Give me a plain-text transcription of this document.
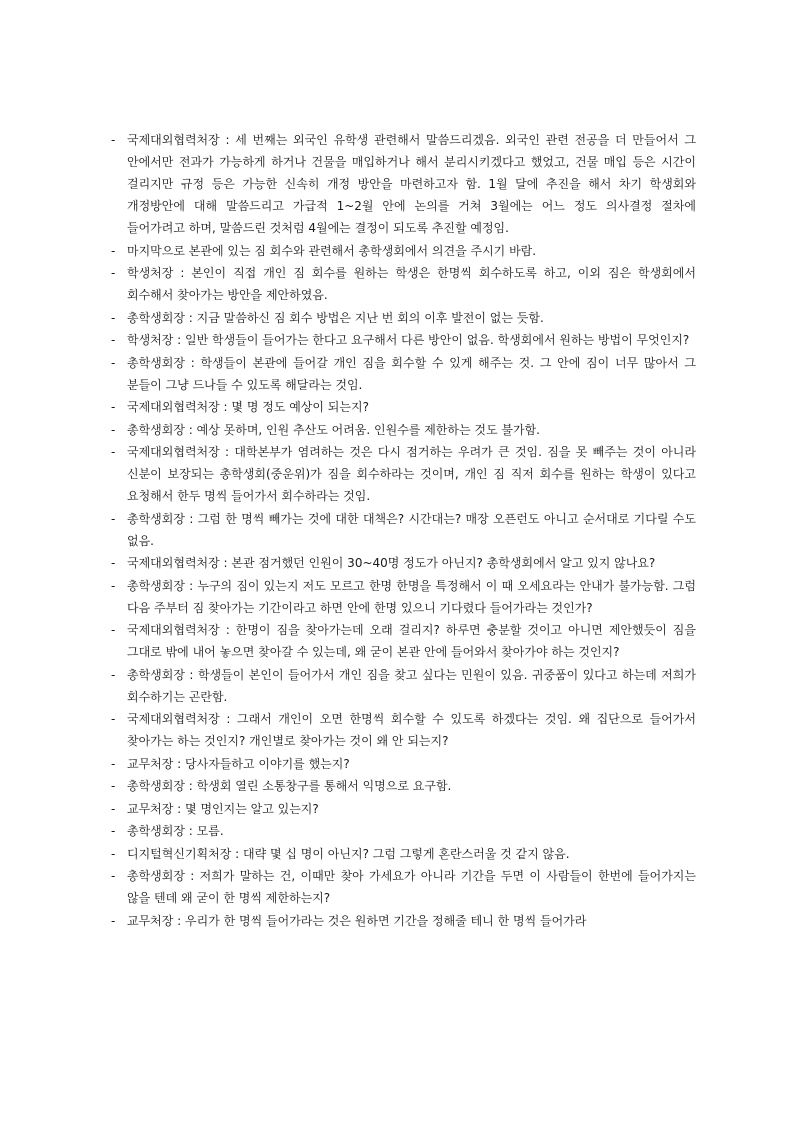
- 국제대외협력처장 : 세 번째는 외국인 유학생 관련해서 말씀드리겠음. 외국인 관련 전공을 더 만들어서 그 안에서만 전과가 가능하게 하거나 건물을 매입하거나 해서 분리시키겠다고 했었고, 건물 매입 등은 시간이 걸리지만 규정 등은 가능한 신속히 개정 방안을 마련하고자 함. 1월 달에 추진을 해서 차기 학생회와 개정방안에 대해 말씀드리고 가급적 1~2월 안에 논의를 거쳐 3월에는 어느 정도 의사결정 절차에 들어가려고 하며, 말씀드린 것처럼 4월에는 결정이 되도록 추진할 예정임.
- 마지막으로 본관에 있는 짐 회수와 관련해서 총학생회에서 의견을 주시기 바람.
- 학생처장 : 본인이 직접 개인 짐 회수를 원하는 학생은 한명씩 회수하도록 하고, 이외 짐은 학생회에서 회수해서 찾아가는 방안을 제안하였음.
- 총학생회장 : 지금 말씀하신 짐 회수 방법은 지난 번 회의 이후 발전이 없는 듯함.
- 학생처장 : 일반 학생들이 들어가는 한다고 요구해서 다른 방안이 없음. 학생회에서 원하는 방법이 무엇인지?
- 총학생회장 : 학생들이 본관에 들어갈 개인 짐을 회수할 수 있게 해주는 것. 그 안에 짐이 너무 많아서 그 분들이 그냥 드나들 수 있도록 해달라는 것임.
- 국제대외협력처장 : 몇 명 정도 예상이 되는지?
- 총학생회장 : 예상 못하며, 인원 추산도 어려움. 인원수를 제한하는 것도 불가함.
- 국제대외협력처장 : 대학본부가 염려하는 것은 다시 점거하는 우려가 큰 것임. 짐을 못 빼주는 것이 아니라 신분이 보장되는 총학생회(중운위)가 짐을 회수하라는 것이며, 개인 짐 직저 회수를 원하는 학생이 있다고 요청해서 한두 명씩 들어가서 회수하라는 것임.
- 총학생회장 : 그럼 한 명씩 빼가는 것에 대한 대책은? 시간대는? 매장 오픈런도 아니고 순서대로 기다릴 수도 없음.
- 국제대외협력처장 : 본관 점거했던 인원이 30~40명 정도가 아닌지? 총학생회에서 알고 있지 않나요?
- 총학생회장 : 누구의 짐이 있는지 저도 모르고 한명 한명을 특정해서 이 때 오세요라는 안내가 불가능함. 그럼 다음 주부터 짐 찾아가는 기간이라고 하면 안에 한명 있으니 기다렸다 들어가라는 것인가?
- 국제대외협력처장 : 한명이 짐을 찾아가는데 오래 걸리지? 하루면 충분할 것이고 아니면 제안했듯이 짐을 그대로 밖에 내어 놓으면 찾아갈 수 있는데, 왜 굳이 본관 안에 들어와서 찾아가야 하는 것인지?
- 총학생회장 : 학생들이 본인이 들어가서 개인 짐을 찾고 싶다는 민원이 있음. 귀중품이 있다고 하는데 저희가 회수하기는 곤란함.
- 국제대외협력처장 : 그래서 개인이 오면 한명씩 회수할 수 있도록 하겠다는 것임. 왜 집단으로 들어가서 찾아가는 하는 것인지? 개인별로 찾아가는 것이 왜 안 되는지?
- 교무처장 : 당사자들하고 이야기를 했는지?
- 총학생회장 : 학생회 열린 소통창구를 통해서 익명으로 요구함.
- 교무처장 : 몇 명인지는 알고 있는지?
- 총학생회장 : 모름.
- 디지털혁신기획처장 : 대략 몇 십 명이 아닌지? 그럼 그렇게 혼란스러울 것 같지 않음.
- 총학생회장 : 저희가 말하는 건, 이때만 찾아 가세요가 아니라 기간을 두면 이 사람들이 한번에 들어가지는 않을 텐데 왜 굳이 한 명씩 제한하는지?
- 교무처장 : 우리가 한 명씩 들어가라는 것은 원하면 기간을 정해줄 테니 한 명씩 들어가라
